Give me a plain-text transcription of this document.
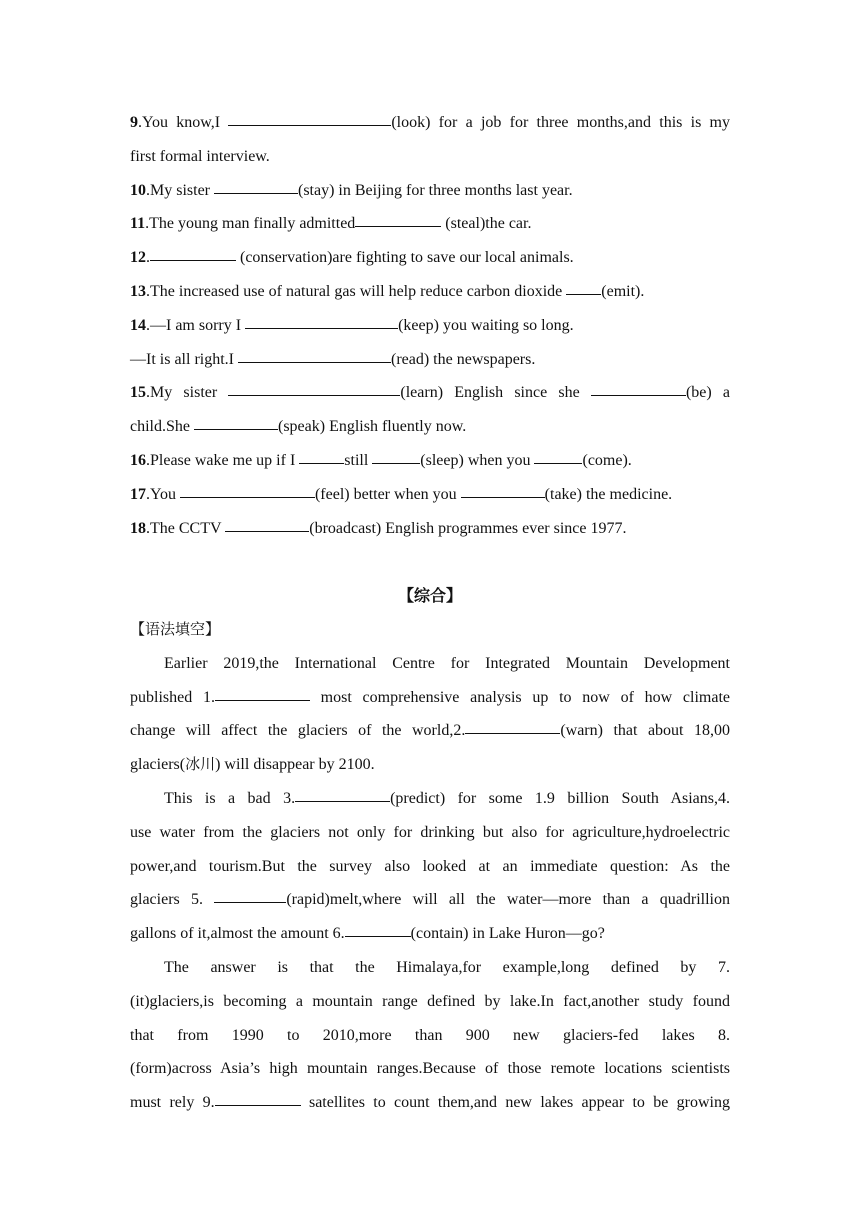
9.You know,I	(look) for a job for three months,and this is my
first formal interview.
10.My sister	(stay) in Beijing for three months last year.
11.The young man finally admitted	(steal)the car.
12.	(conservation)are fighting to save our local animals.
13.The increased use of natural gas will help reduce carbon dioxide (emit).
14.—I am sorry I	(keep) you waiting so long.
—It is all right.I	(read) the newspapers.
15.My sister	(learn) English since she	(be) a
child.She	(speak) English fluently now.
16.Please wake me up if I	still	(sleep) when you	(come).
17.You	(feel) better when you	(take) the medicine.
18.The CCTV	(broadcast) English programmes ever since 1977.
【综合】
【语法填空】
Earlier 2019,the International Centre for Integrated Mountain Development
published 1.	most comprehensive analysis up to now of how climate
change will affect the glaciers of the world,2.	(warn) that about 18,00
glaciers(冰川) will disappear by 2100.
This is a bad 3.	(predict) for some 1.9 billion South Asians,4.
use water from the glaciers not only for drinking but also for agriculture,hydroelectric
power,and tourism.But the survey also looked at an immediate question: As the
glaciers 5.	(rapid)melt,where will all the water—more than a quadrillion
gallons of it,almost the amount 6.	(contain) in Lake Huron—go?
The answer is that the Himalaya,for example,long defined by 7.
(it)glaciers,is becoming a mountain range defined by lake.In fact,another study found
that from 1990 to 2010,more than 900 new glaciers-fed lakes 8.
(form)across Asia’s high mountain ranges.Because of those remote locations scientists
must rely 9.	satellites to count them,and new lakes appear to be growing
